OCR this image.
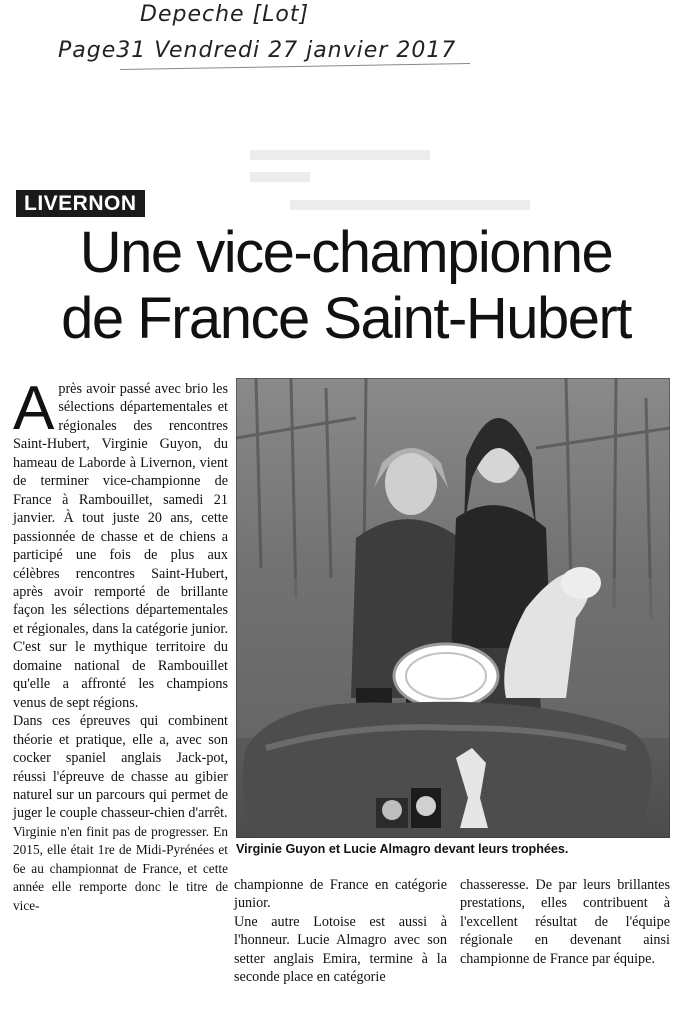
Depeche [Lot]
Page31 Vendredi 27 janvier 2017
LIVERNON
Une vice-championne
de France Saint-Hubert

Après avoir passé avec brio les sélections départementales et régionales des rencontres Saint-Hubert, Virginie Guyon, du hameau de Laborde à Livernon, vient de terminer vice-championne de France à Rambouillet, samedi 21 janvier. À tout juste 20 ans, cette passionnée de chasse et de chiens a participé une fois de plus aux célèbres rencontres Saint-Hubert, après avoir remporté de brillante façon les sélections départementales et régionales, dans la catégorie junior. C'est sur le mythique territoire du domaine national de Rambouillet qu'elle a affronté les champions venus de sept régions.

Dans ces épreuves qui combinent théorie et pratique, elle a, avec son cocker spaniel anglais Jack-pot, réussi l'épreuve de chasse au gibier naturel sur un parcours qui permet de juger le couple chasseur-chien d'arrêt.

Virginie n'en finit pas de progresser. En 2015, elle était 1re de Midi-Pyrénées et 6e au championnat de France, et cette année elle remporte donc le titre de vice-

Virginie Guyon et Lucie Almagro devant leurs trophées.

championne de France en catégorie junior.

Une autre Lotoise est aussi à l'honneur. Lucie Almagro avec son setter anglais Emira, termine à la seconde place en catégorie

chasseresse. De par leurs brillantes prestations, elles contribuent à l'excellent résultat de l'équipe régionale en devenant ainsi championne de France par équipe.
